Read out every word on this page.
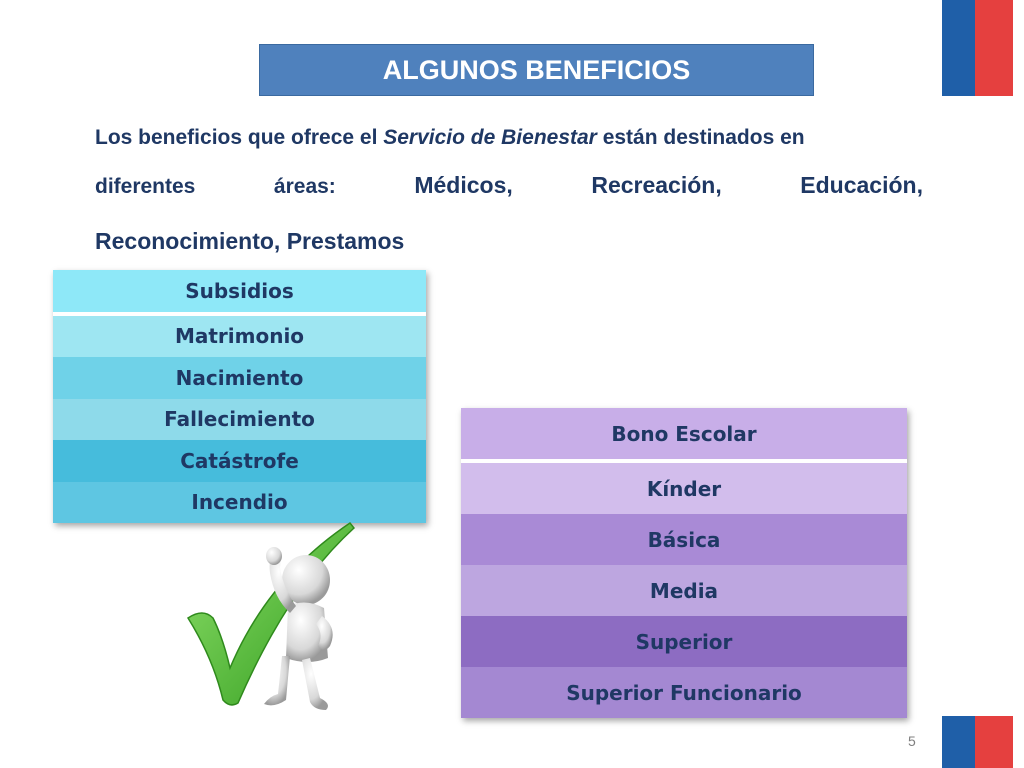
ALGUNOS BENEFICIOS
Los beneficios que ofrece el Servicio de Bienestar están destinados en
diferentes	áreas:	Médicos,	Recreación,	Educación,
Reconocimiento, Prestamos
Subsidios
Matrimonio
Nacimiento
Fallecimiento
Catástrofe
Incendio
Bono Escolar
Kínder
Básica
Media
Superior
Superior Funcionario
5
